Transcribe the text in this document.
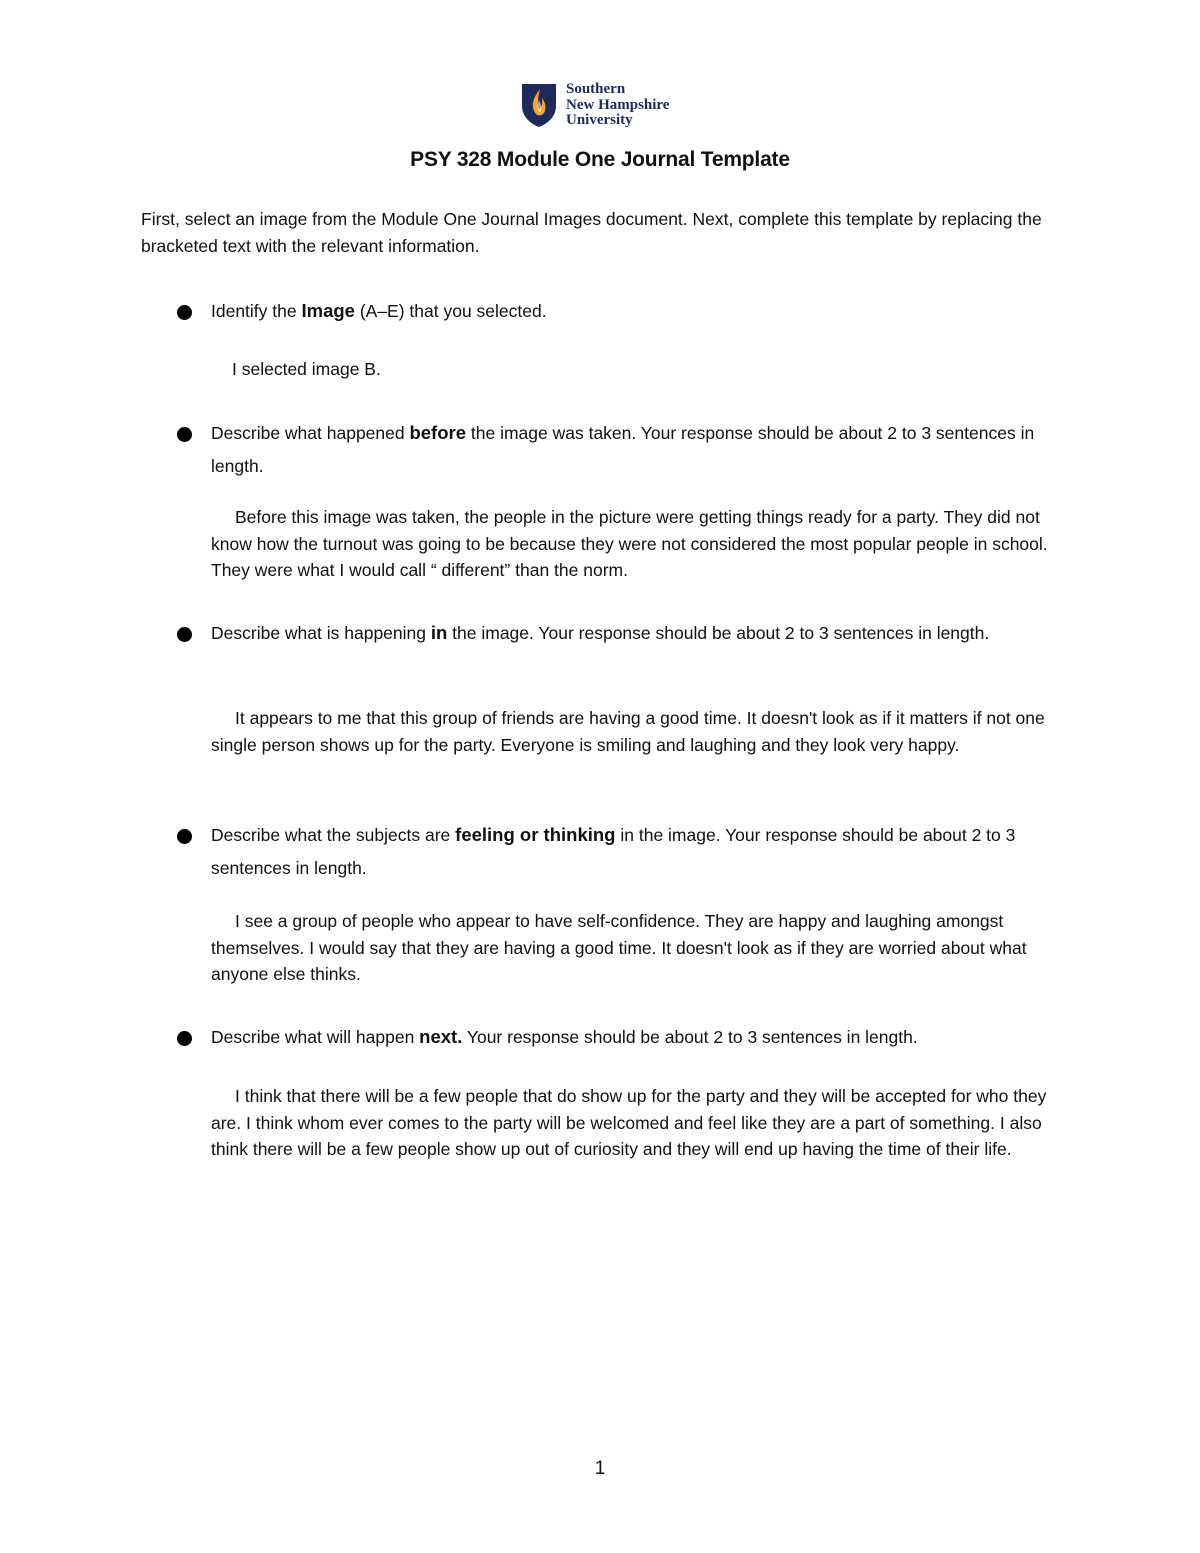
Southern
New Hampshire
University
PSY 328 Module One Journal Template

First, select an image from the Module One Journal Images document. Next, complete this template by replacing the bracketed text with the relevant information.

Identify the Image (A–E) that you selected.

I selected image B.

Describe what happened before the image was taken. Your response should be about 2 to 3 sentences in length.

Before this image was taken, the people in the picture were getting things ready for a party. They did not know how the turnout was going to be because they were not considered the most popular people in school. They were what I would call “ different” than the norm.

Describe what is happening in the image. Your response should be about 2 to 3 sentences in length.

It appears to me that this group of friends are having a good time. It doesn't look as if it matters if not one single person shows up for the party. Everyone is smiling and laughing and they look very happy.

Describe what the subjects are feeling or thinking in the image. Your response should be about 2 to 3 sentences in length.

I see a group of people who appear to have self-confidence. They are happy and laughing amongst themselves. I would say that they are having a good time. It doesn't look as if they are worried about what anyone else thinks.

Describe what will happen next. Your response should be about 2 to 3 sentences in length.

I think that there will be a few people that do show up for the party and they will be accepted for who they are. I think whom ever comes to the party will be welcomed and feel like they are a part of something. I also think there will be a few people show up out of curiosity and they will end up having the time of their life.

1
